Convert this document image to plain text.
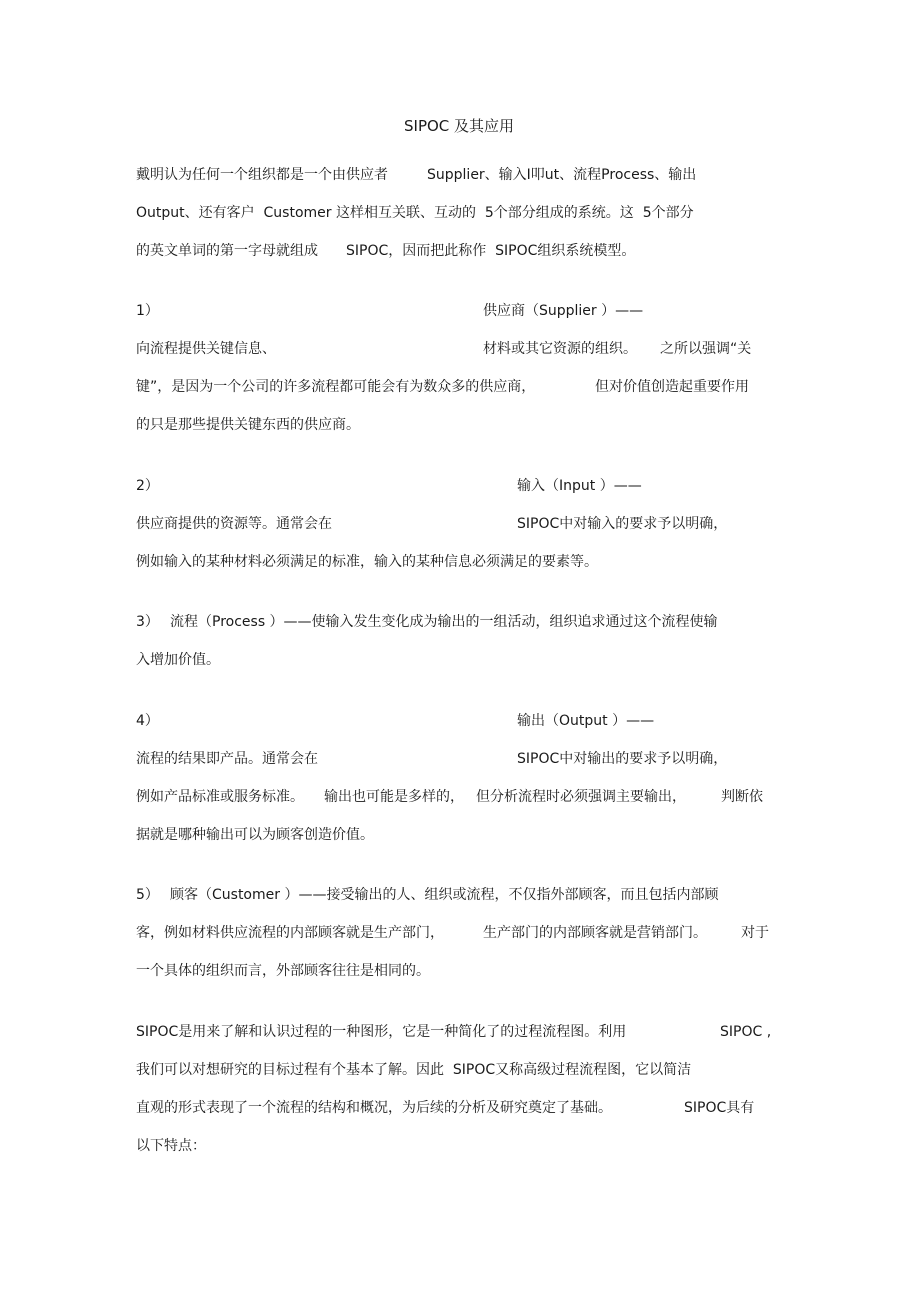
SIPOC 及其应用
戴明认为任何一个组织都是一个由供应者	Supplier、输入I叩ut、流程Process、输出
Output、还有客户  Customer 这样相互关联、互动的  5个部分组成的系统。这  5个部分
的英文单词的第一字母就组成 SIPOC，因而把此称作  SIPOC组织系统模型。
1）	供应商（Supplier ）——
向流程提供关键信息、	材料或其它资源的组织。 之所以强调“关
键”，是因为一个公司的许多流程都可能会有为数众多的供应商，	但对价值创造起重要作用
的只是那些提供关键东西的供应商。
2）	输入（Input ）——
供应商提供的资源等。通常会在	SIPOC中对输入的要求予以明确，
例如输入的某种材料必须满足的标准，输入的某种信息必须满足的要素等。
3） 流程（Process ）——使输入发生变化成为输出的一组活动，组织追求通过这个流程使输
入增加价值。
4）	输出（Output ）——
流程的结果即产品。通常会在	SIPOC中对输出的要求予以明确，
例如产品标准或服务标准。 输出也可能是多样的， 但分析流程时必须强调主要输出，	判断依
据就是哪种输出可以为顾客创造价值。
5） 顾客（Customer ）——接受输出的人、组织或流程，不仅指外部顾客，而且包括内部顾
客，例如材料供应流程的内部顾客就是生产部门，	生产部门的内部顾客就是营销部门。 对于
一个具体的组织而言，外部顾客往往是相同的。
SIPOC是用来了解和认识过程的一种图形，它是一种简化了的过程流程图。利用	SIPOC ,
我们可以对想研究的目标过程有个基本了解。因此  SIPOC又称高级过程流程图，它以简洁
直观的形式表现了一个流程的结构和概况，为后续的分析及研究奠定了基础。	SIPOC具有
以下特点：
